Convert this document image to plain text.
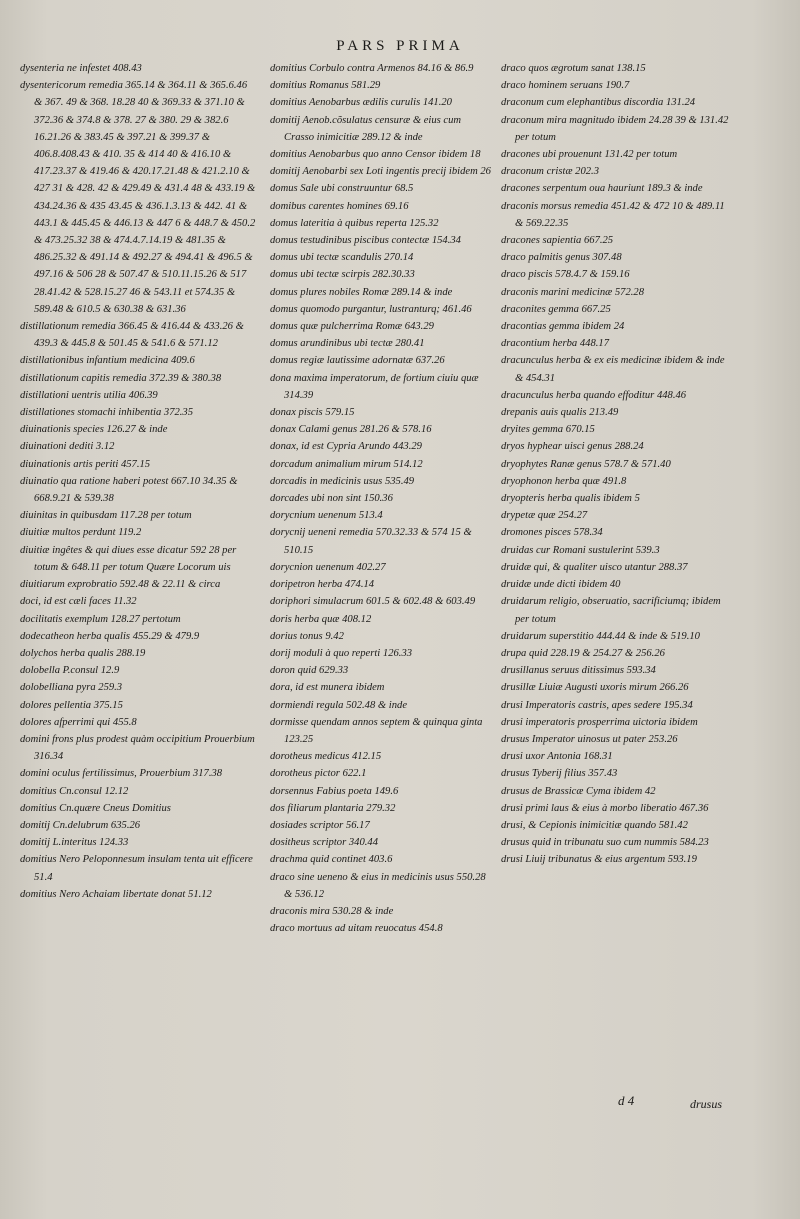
PARS PRIMA

dysenteria ne infestet 408.43

dysentericorum remedia 365.14 & 364.11 & 365.6.46 & 367. 49 & 368. 18.28 40 & 369.33 & 371.10 & 372.36 & 374.8 & 378. 27 & 380. 29 & 382.6 16.21.26 & 383.45 & 397.21 & 399.37 & 406.8.408.43 & 410. 35 & 414 40 & 416.10 & 417.23.37 & 419.46 & 420.17.21.48 & 421.2.10 & 427 31 & 428. 42 & 429.49 & 431.4 48 & 433.19 & 434.24.36 & 435 43.45 & 436.1.3.13 & 442. 41 & 443.1 & 445.45 & 446.13 & 447 6 & 448.7 & 450.2 & 473.25.32 38 & 474.4.7.14.19 & 481.35 & 486.25.32 & 491.14 & 492.27 & 494.41 & 496.5 & 497.16 & 506 28 & 507.47 & 510.11.15.26 & 517 28.41.42 & 528.15.27 46 & 543.11 et 574.35 & 589.48 & 610.5 & 630.38 & 631.36

distillationum remedia 366.45 & 416.44 & 433.26 & 439.3 & 445.8 & 501.45 & 541.6 & 571.12

distillationibus infantium medicina 409.6

distillationum capitis remedia 372.39 & 380.38

distillationi uentris utilia 406.39

distillationes stomachi inhibentia 372.35

diuinationis species 126.27 & inde

diuinationi dediti 3.12

diuinationis artis periti 457.15

diuinatio qua ratione haberi potest 667.10 34.35 & 668.9.21 & 539.38

diuinitas in quibusdam 117.28 per totum

diuitiæ multos perdunt 119.2

diuitiæ ingêtes & qui diues esse dicatur 592 28 per totum & 648.11 per totum Quære Locorum uis

diuitiarum exprobratio 592.48 & 22.11 & circa

doci, id est cæli faces 11.32

docilitatis exemplum 128.27 pertotum

dodecatheon herba qualis 455.29 & 479.9

dolychos herba qualis 288.19

dolobella P.consul 12.9

dolobelliana pyra 259.3

dolores pellentia 375.15

dolores afperrimi qui 455.8

domini frons plus prodest quàm occipitium Prouerbium 316.34

domini oculus fertilissimus, Prouerbium 317.38

domitius Cn.consul 12.12

domitius Cn.quære Cneus Domitius

domitij Cn.delubrum 635.26

domitij L.interitus 124.33

domitius Nero Peloponnesum insulam tenta uit efficere 51.4

domitius Nero Achaiam libertate donat 51.12

domitius Corbulo contra Armenos 84.16 & 86.9

domitius Romanus 581.29

domitius Aenobarbus ædilis curulis 141.20

domitij Aenob.cõsulatus censuræ & eius cum Crasso inimicitiæ 289.12 & inde

domitius Aenobarbus quo anno Censor ibidem 18

domitij Aenobarbi sex Loti ingentis precij ibidem 26

domus Sale ubi construuntur 68.5

domibus carentes homines 69.16

domus lateritia à quibus reperta 125.32

domus testudinibus piscibus contectæ 154.34

domus ubi tectæ scandulis 270.14

domus ubi tectæ scirpis 282.30.33

domus plures nobiles Romæ 289.14 & inde

domus quomodo purgantur, lustranturq; 461.46

domus quæ pulcherrima Romæ 643.29

domus arundinibus ubi tectæ 280.41

domus regiæ lautissime adornatæ 637.26

dona maxima imperatorum, de fortium ciuiu quæ 314.39

donax piscis 579.15

donax Calami genus 281.26 & 578.16

donax, id est Cypria Arundo 443.29

dorcadum animalium mirum 514.12

dorcadis in medicinis usus 535.49

dorcades ubi non sint 150.36

dorycnium uenenum 513.4

dorycnij ueneni remedia 570.32.33 & 574 15 & 510.15

dorycnion uenenum 402.27

doripetron herba 474.14

doriphori simulacrum 601.5 & 602.48 & 603.49

doris herba quæ 408.12

dorius tonus 9.42

dorij moduli à quo reperti 126.33

doron quid 629.33

dora, id est munera ibidem

dormiendi regula 502.48 & inde

dormisse quendam annos septem & quinqua ginta 123.25

dorotheus medicus 412.15

dorotheus pictor 622.1

dorsennus Fabius poeta 149.6

dos filiarum plantaria 279.32

dosiades scriptor 56.17

dositheus scriptor 340.44

drachma quid continet 403.6

draco sine ueneno & eius in medicinis usus 550.28 & 536.12

draconis mira 530.28 & inde

draco mortuus ad uitam reuocatus 454.8

draco quos ægrotum sanat 138.15

draco hominem seruans 190.7

draconum cum elephantibus discordia 131.24

draconum mira magnitudo ibidem 24.28 39 & 131.42 per totum

dracones ubi prouenunt 131.42 per totum

draconum cristæ 202.3

dracones serpentum oua hauriunt 189.3 & inde

draconis morsus remedia 451.42 & 472 10 & 489.11 & 569.22.35

dracones sapientia 667.25

draco palmitis genus 307.48

draco piscis 578.4.7 & 159.16

draconis marini medicinæ 572.28

draconites gemma 667.25

dracontias gemma ibidem 24

dracontium herba 448.17

dracunculus herba & ex eis medicinæ ibidem & inde & 454.31

dracunculus herba quando effoditur 448.46

drepanis auis qualis 213.49

dryites gemma 670.15

dryos hyphear uisci genus 288.24

dryophytes Ranæ genus 578.7 & 571.40

dryophonon herba quæ 491.8

dryopteris herba qualis ibidem 5

drypetæ quæ 254.27

dromones pisces 578.34

druidas cur Romani sustulerint 539.3

druidæ qui, & qualiter uisco utantur 288.37

druidæ unde dicti ibidem 40

druidarum religio, obseruatio, sacrificiumq; ibidem per totum

druidarum superstitio 444.44 & inde & 519.10

drupa quid 228.19 & 254.27 & 256.26

drusillanus seruus ditissimus 593.34

drusillæ Liuiæ Augusti uxoris mirum 266.26

drusi Imperatoris castris, apes sedere 195.34

drusi imperatoris prosperrima uictoria ibidem

drusus Imperator uinosus ut pater 253.26

drusi uxor Antonia 168.31

drusus Tyberij filius 357.43

drusus de Brassicæ Cyma ibidem 42

drusi primi laus & eius à morbo liberatio 467.36

drusi, & Cepionis inimicitiæ quando 581.42

drusus quid in tribunatu suo cum nummis 584.23

drusi Liuij tribunatus & eius argentum 593.19

d 4	drusus
